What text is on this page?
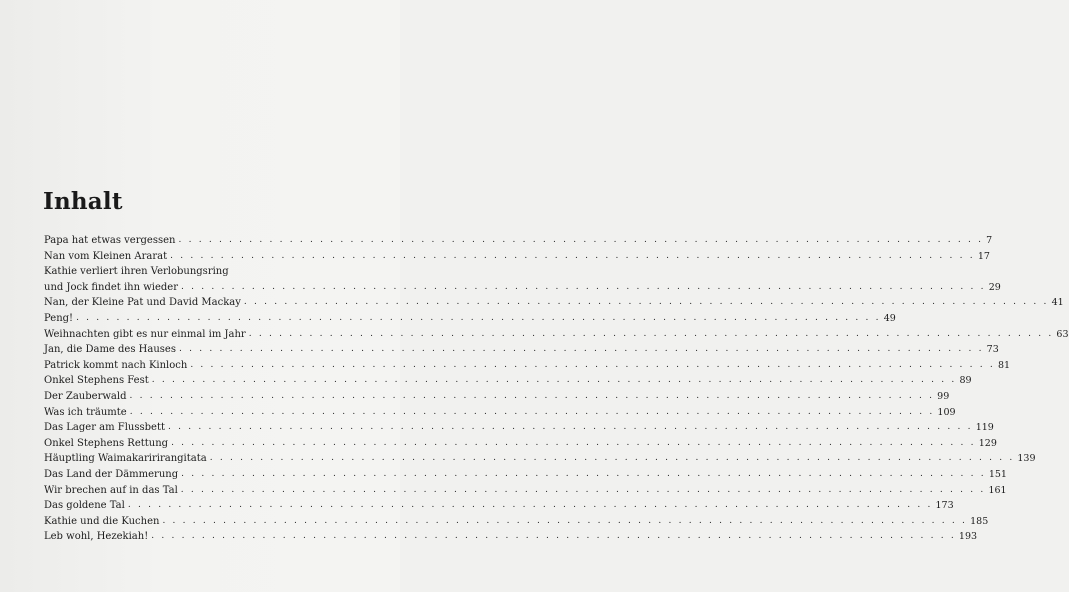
Inhalt
Papa hat etwas vergessen . . . . . . . . . . . . . . . . . . . . . . . . . . . . . . . . . . . . . . . . . . . . . . . . . . . . . . . . . . . . . . . . . . . . . . . . . . . . . . . . 7
Nan vom Kleinen Ararat . . . . . . . . . . . . . . . . . . . . . . . . . . . . . . . . . . . . . . . . . . . . . . . . . . . . . . . . . . . . . . . . . . . . . . . . . . . . . . . . 17
Kathie verliert ihren Verlobungsring
und Jock findet ihn wieder . . . . . . . . . . . . . . . . . . . . . . . . . . . . . . . . . . . . . . . . . . . . . . . . . . . . . . . . . . . . . . . . . . . . . . . . . . . . . . . . 29
Nan, der Kleine Pat und David Mackay . . . . . . . . . . . . . . . . . . . . . . . . . . . . . . . . . . . . . . . . . . . . . . . . . . . . . . . . . . . . . . . . . . . . . . . . . . . . . . . . 41
Peng! . . . . . . . . . . . . . . . . . . . . . . . . . . . . . . . . . . . . . . . . . . . . . . . . . . . . . . . . . . . . . . . . . . . . . . . . . . . . . . . . 49
Weihnachten gibt es nur einmal im Jahr . . . . . . . . . . . . . . . . . . . . . . . . . . . . . . . . . . . . . . . . . . . . . . . . . . . . . . . . . . . . . . . . . . . . . . . . . . . . . . . . 63
Jan, die Dame des Hauses . . . . . . . . . . . . . . . . . . . . . . . . . . . . . . . . . . . . . . . . . . . . . . . . . . . . . . . . . . . . . . . . . . . . . . . . . . . . . . . . 73
Patrick kommt nach Kinloch . . . . . . . . . . . . . . . . . . . . . . . . . . . . . . . . . . . . . . . . . . . . . . . . . . . . . . . . . . . . . . . . . . . . . . . . . . . . . . . . 81
Onkel Stephens Fest . . . . . . . . . . . . . . . . . . . . . . . . . . . . . . . . . . . . . . . . . . . . . . . . . . . . . . . . . . . . . . . . . . . . . . . . . . . . . . . . 89
Der Zauberwald . . . . . . . . . . . . . . . . . . . . . . . . . . . . . . . . . . . . . . . . . . . . . . . . . . . . . . . . . . . . . . . . . . . . . . . . . . . . . . . . 99
Was ich träumte . . . . . . . . . . . . . . . . . . . . . . . . . . . . . . . . . . . . . . . . . . . . . . . . . . . . . . . . . . . . . . . . . . . . . . . . . . . . . . . . 109
Das Lager am Flussbett . . . . . . . . . . . . . . . . . . . . . . . . . . . . . . . . . . . . . . . . . . . . . . . . . . . . . . . . . . . . . . . . . . . . . . . . . . . . . . . . 119
Onkel Stephens Rettung . . . . . . . . . . . . . . . . . . . . . . . . . . . . . . . . . . . . . . . . . . . . . . . . . . . . . . . . . . . . . . . . . . . . . . . . . . . . . . . . 129
Häuptling Waimakaririrangitata . . . . . . . . . . . . . . . . . . . . . . . . . . . . . . . . . . . . . . . . . . . . . . . . . . . . . . . . . . . . . . . . . . . . . . . . . . . . . . . . 139
Das Land der Dämmerung . . . . . . . . . . . . . . . . . . . . . . . . . . . . . . . . . . . . . . . . . . . . . . . . . . . . . . . . . . . . . . . . . . . . . . . . . . . . . . . . 151
Wir brechen auf in das Tal . . . . . . . . . . . . . . . . . . . . . . . . . . . . . . . . . . . . . . . . . . . . . . . . . . . . . . . . . . . . . . . . . . . . . . . . . . . . . . . . 161
Das goldene Tal . . . . . . . . . . . . . . . . . . . . . . . . . . . . . . . . . . . . . . . . . . . . . . . . . . . . . . . . . . . . . . . . . . . . . . . . . . . . . . . . 173
Kathie und die Kuchen . . . . . . . . . . . . . . . . . . . . . . . . . . . . . . . . . . . . . . . . . . . . . . . . . . . . . . . . . . . . . . . . . . . . . . . . . . . . . . . . 185
Leb wohl, Hezekiah! . . . . . . . . . . . . . . . . . . . . . . . . . . . . . . . . . . . . . . . . . . . . . . . . . . . . . . . . . . . . . . . . . . . . . . . . . . . . . . . . 193
